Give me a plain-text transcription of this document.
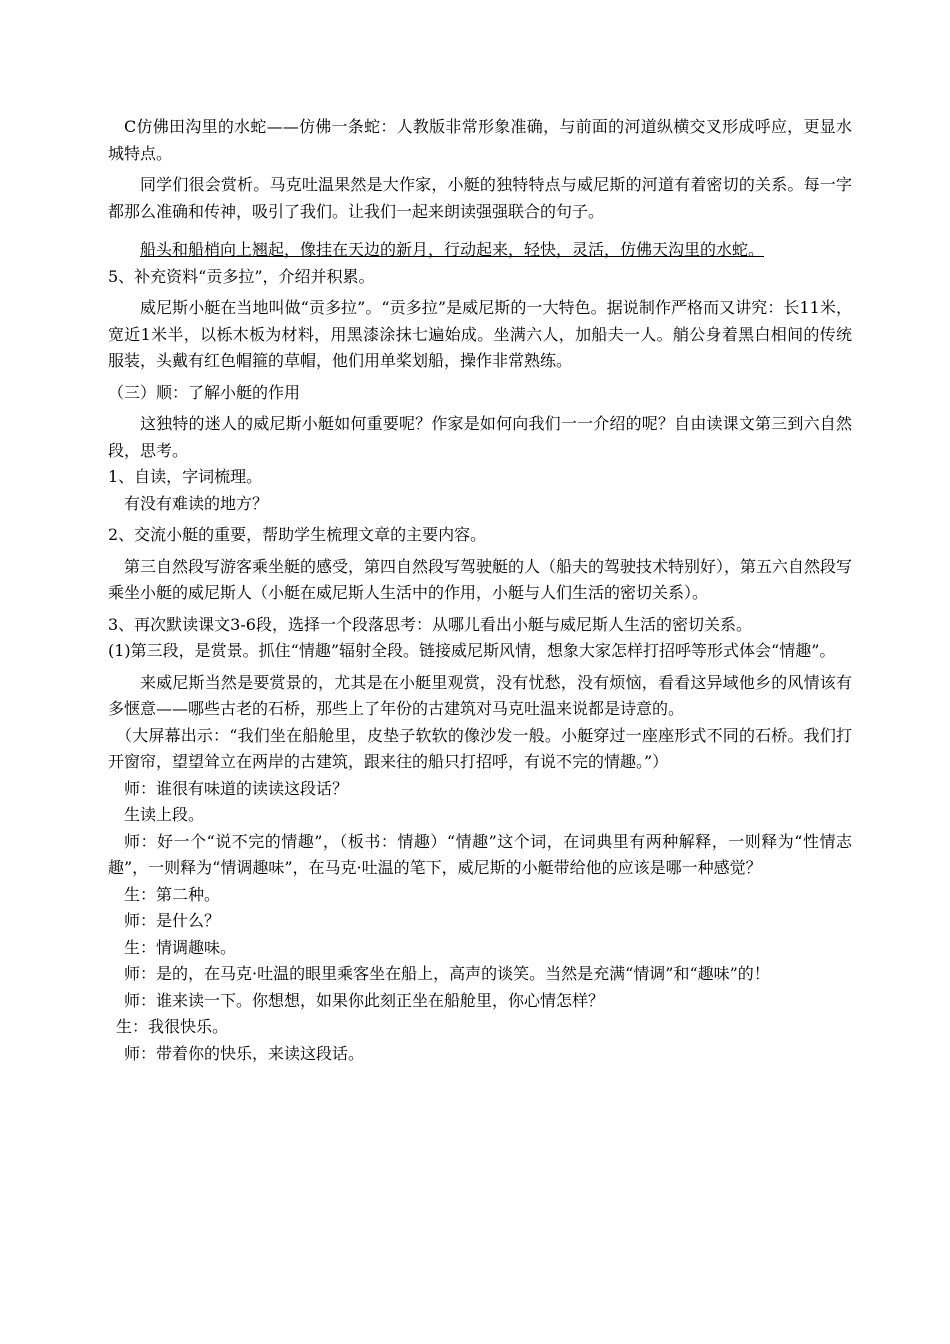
C仿佛田沟里的水蛇——仿佛一条蛇：人教版非常形象准确，与前面的河道纵横交叉形成呼应，更显水城特点。

同学们很会赏析。马克吐温果然是大作家，小艇的独特特点与威尼斯的河道有着密切的关系。每一字都那么准确和传神，吸引了我们。让我们一起来朗读强强联合的句子。

船头和船梢向上翘起，像挂在天边的新月，行动起来，轻快，灵活，仿佛天沟里的水蛇。

5、补充资料“贡多拉”，介绍并积累。

威尼斯小艇在当地叫做“贡多拉”。“贡多拉”是威尼斯的一大特色。据说制作严格而又讲究：长11米，宽近1米半，以栎木板为材料，用黑漆涂抹七遍始成。坐满六人，加船夫一人。艄公身着黑白相间的传统服装，头戴有红色帽箍的草帽，他们用单桨划船，操作非常熟练。

（三）顺：了解小艇的作用

这独特的迷人的威尼斯小艇如何重要呢？作家是如何向我们一一介绍的呢？自由读课文第三到六自然段，思考。

1、自读，字词梳理。

有没有难读的地方？

2、交流小艇的重要，帮助学生梳理文章的主要内容。

第三自然段写游客乘坐艇的感受，第四自然段写驾驶艇的人（船夫的驾驶技术特别好），第五六自然段写乘坐小艇的威尼斯人（小艇在威尼斯人生活中的作用，小艇与人们生活的密切关系）。

3、再次默读课文3-6段，选择一个段落思考：从哪儿看出小艇与威尼斯人生活的密切关系。

(1)第三段，是赏景。抓住“情趣”辐射全段。链接威尼斯风情，想象大家怎样打招呼等形式体会“情趣”。

来威尼斯当然是要赏景的，尤其是在小艇里观赏，没有忧愁，没有烦恼，看看这异域他乡的风情该有多惬意——哪些古老的石桥，那些上了年份的古建筑对马克吐温来说都是诗意的。

（大屏幕出示：“我们坐在船舱里，皮垫子软软的像沙发一般。小艇穿过一座座形式不同的石桥。我们打开窗帘，望望耸立在两岸的古建筑，跟来往的船只打招呼，有说不完的情趣。”）

师：谁很有味道的读读这段话？

生读上段。

师：好一个“说不完的情趣”，（板书：情趣）“情趣”这个词，在词典里有两种解释，一则释为“性情志趣”，一则释为“情调趣味”，在马克·吐温的笔下，威尼斯的小艇带给他的应该是哪一种感觉？

生：第二种。

师：是什么？

生：情调趣味。

师：是的，在马克·吐温的眼里乘客坐在船上，高声的谈笑。当然是充满“情调”和“趣味”的！

师：谁来读一下。你想想，如果你此刻正坐在船舱里，你心情怎样？

生：我很快乐。

师：带着你的快乐，来读这段话。
